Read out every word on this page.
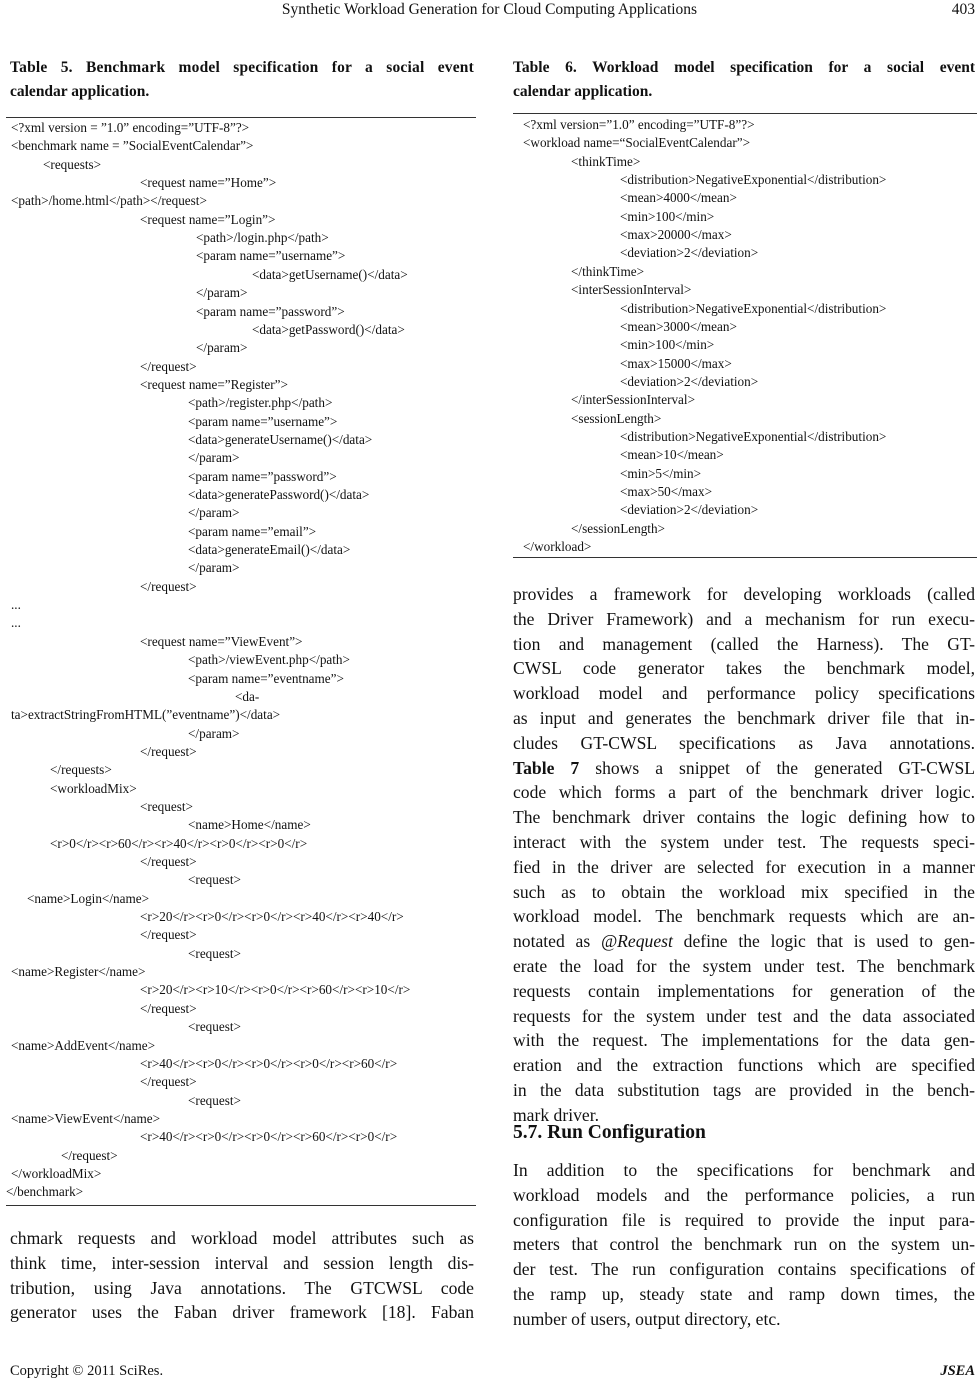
Synthetic Workload Generation for Cloud Computing Applications	403
Table 5. Benchmark model specification for a social event
calendar application.
<?xml version = ”1.0” encoding=”UTF-8”?>
<benchmark name = ”SocialEventCalendar”>
<requests>
<request name=”Home”>
<path>/home.html</path></request>
<request name=”Login”>
<path>/login.php</path>
<param name=”username”>
<data>getUsername()</data>
</param>
<param name=”password”>
<data>getPassword()</data>
</param>
</request>
<request name=”Register”>
<path>/register.php</path>
<param name=”username”>
<data>generateUsername()</data>
</param>
<param name=”password”>
<data>generatePassword()</data>
</param>
<param name=”email”>
<data>generateEmail()</data>
</param>
</request>
...
...
<request name=”ViewEvent”>
<path>/viewEvent.php</path>
<param name=”eventname”>
<da-
ta>extractStringFromHTML(”eventname”)</data>
</param>
</request>
</requests>
<workloadMix>
<request>
<name>Home</name>
<r>0</r><r>60</r><r>40</r><r>0</r><r>0</r>
</request>
<request>
<name>Login</name>
<r>20</r><r>0</r><r>0</r><r>40</r><r>40</r>
</request>
<request>
<name>Register</name>
<r>20</r><r>10</r><r>0</r><r>60</r><r>10</r>
</request>
<request>
<name>AddEvent</name>
<r>40</r><r>0</r><r>0</r><r>0</r><r>60</r>
</request>
<request>
<name>ViewEvent</name>
<r>40</r><r>0</r><r>0</r><r>60</r><r>0</r>
</request>
</workloadMix>
</benchmark>
Table 6. Workload model specification for a social event
calendar application.
<?xml version=”1.0” encoding=”UTF-8”?>
<workload name=“SocialEventCalendar”>
<thinkTime>
<distribution>NegativeExponential</distribution>
<mean>4000</mean>
<min>100</min>
<max>20000</max>
<deviation>2</deviation>
</thinkTime>
<interSessionInterval>
<distribution>NegativeExponential</distribution>
<mean>3000</mean>
<min>100</min>
<max>15000</max>
<deviation>2</deviation>
</interSessionInterval>
<sessionLength>
<distribution>NegativeExponential</distribution>
<mean>10</mean>
<min>5</min>
<max>50</max>
<deviation>2</deviation>
</sessionLength>
</workload>
chmark requests and workload model attributes such as
think time, inter-session interval and session length dis-
tribution, using Java annotations. The GTCWSL code
generator uses the Faban driver framework [18]. Faban
provides a framework for developing workloads (called
the Driver Framework) and a mechanism for run execu-
tion and management (called the Harness). The GT-
CWSL code generator takes the benchmark model,
workload model and performance policy specifications
as input and generates the benchmark driver file that in-
cludes GT-CWSL specifications as Java annotations.
Table 7 shows a snippet of the generated GT-CWSL
code which forms a part of the benchmark driver logic.
The benchmark driver contains the logic defining how to
interact with the system under test. The requests speci-
fied in the driver are selected for execution in a manner
such as to obtain the workload mix specified in the
workload model. The benchmark requests which are an-
notated as @Request define the logic that is used to gen-
erate the load for the system under test. The benchmark
requests contain implementations for generation of the
requests for the system under test and the data associated
with the request. The implementations for the data gen-
eration and the extraction functions which are specified
in the data substitution tags are provided in the bench-
mark driver.
5.7. Run Configuration
In addition to the specifications for benchmark and
workload models and the performance policies, a run
configuration file is required to provide the input para-
meters that control the benchmark run on the system un-
der test. The run configuration contains specifications of
the ramp up, steady state and ramp down times, the
number of users, output directory, etc.
Copyright © 2011 SciRes.	JSEA
